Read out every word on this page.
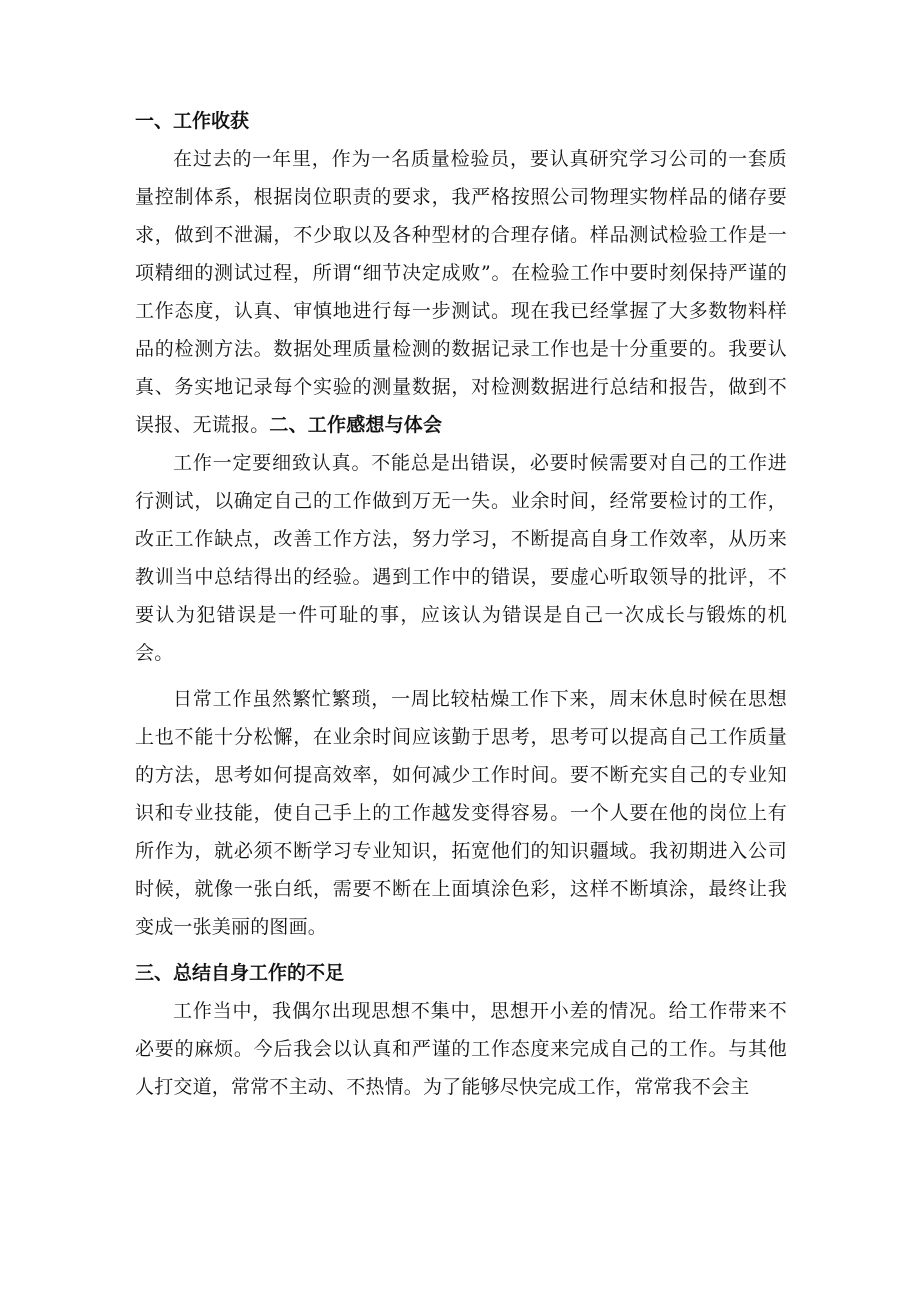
一、工作收获

在过去的一年里，作为一名质量检验员，要认真研究学习公司的一套质量控制体系，根据岗位职责的要求，我严格按照公司物理实物样品的储存要求，做到不泄漏，不少取以及各种型材的合理存储。样品测试检验工作是一项精细的测试过程，所谓“细节决定成败”。在检验工作中要时刻保持严谨的工作态度，认真、审慎地进行每一步测试。现在我已经掌握了大多数物料样品的检测方法。数据处理质量检测的数据记录工作也是十分重要的。我要认真、务实地记录每个实验的测量数据，对检测数据进行总结和报告，做到不误报、无谎报。二、工作感想与体会

工作一定要细致认真。不能总是出错误，必要时候需要对自己的工作进行测试，以确定自己的工作做到万无一失。业余时间，经常要检讨的工作，改正工作缺点，改善工作方法，努力学习，不断提高自身工作效率，从历来教训当中总结得出的经验。遇到工作中的错误，要虚心听取领导的批评，不要认为犯错误是一件可耻的事，应该认为错误是自己一次成长与锻炼的机会。

日常工作虽然繁忙繁琐，一周比较枯燥工作下来，周末休息时候在思想上也不能十分松懈，在业余时间应该勤于思考，思考可以提高自己工作质量的方法，思考如何提高效率，如何减少工作时间。要不断充实自己的专业知识和专业技能，使自己手上的工作越发变得容易。一个人要在他的岗位上有所作为，就必须不断学习专业知识，拓宽他们的知识疆域。我初期进入公司时候，就像一张白纸，需要不断在上面填涂色彩，这样不断填涂，最终让我变成一张美丽的图画。

三、总结自身工作的不足

工作当中，我偶尔出现思想不集中，思想开小差的情况。给工作带来不必要的麻烦。今后我会以认真和严谨的工作态度来完成自己的工作。与其他人打交道，常常不主动、不热情。为了能够尽快完成工作，常常我不会主
